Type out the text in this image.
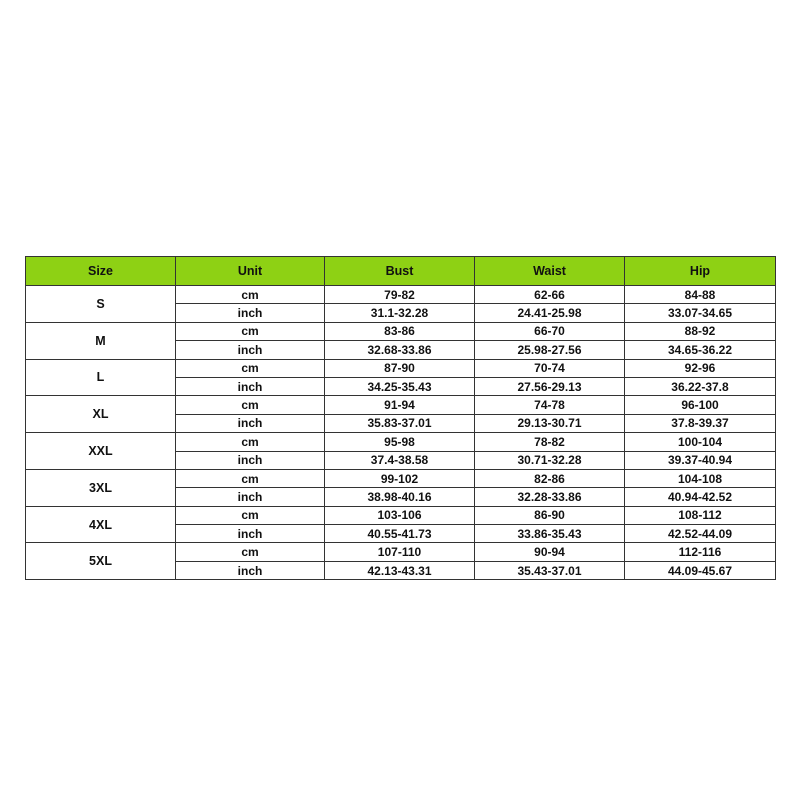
Size	Unit	Bust	Waist	Hip
S	cm	79-82	62-66	84-88
	inch	31.1-32.28	24.41-25.98	33.07-34.65
M	cm	83-86	66-70	88-92
	inch	32.68-33.86	25.98-27.56	34.65-36.22
L	cm	87-90	70-74	92-96
	inch	34.25-35.43	27.56-29.13	36.22-37.8
XL	cm	91-94	74-78	96-100
	inch	35.83-37.01	29.13-30.71	37.8-39.37
XXL	cm	95-98	78-82	100-104
	inch	37.4-38.58	30.71-32.28	39.37-40.94
3XL	cm	99-102	82-86	104-108
	inch	38.98-40.16	32.28-33.86	40.94-42.52
4XL	cm	103-106	86-90	108-112
	inch	40.55-41.73	33.86-35.43	42.52-44.09
5XL	cm	107-110	90-94	112-116
	inch	42.13-43.31	35.43-37.01	44.09-45.67
